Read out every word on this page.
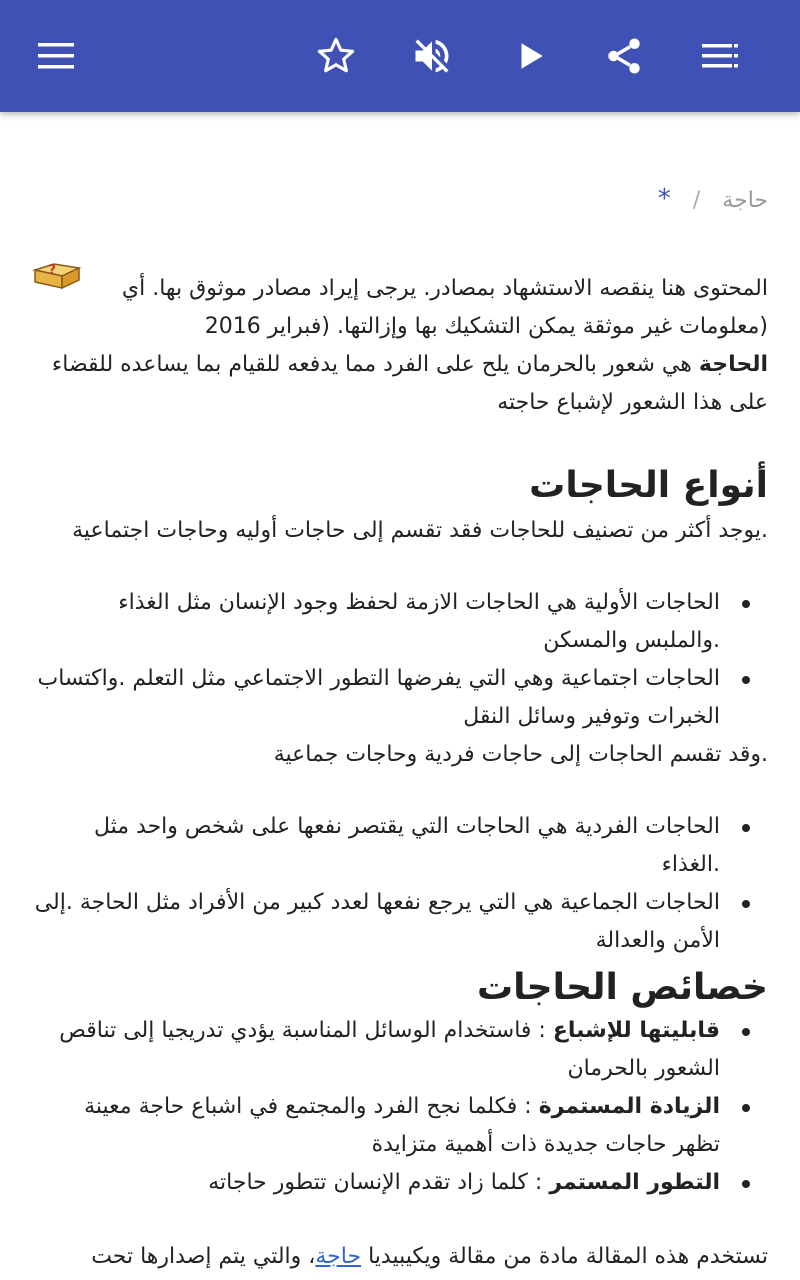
حاجة/*
?

المحتوى هنا ينقصه الاستشهاد بمصادر. يرجى إيراد مصادر موثوق بها. أي

(معلومات غير موثقة يمكن التشكيك بها وإزالتها. (فبراير 2016

الحاجة هي شعور بالحرمان يلح على الفرد مما يدفعه للقيام بما يساعده للقضاء على هذا الشعور لإشباع حاجته

أنواع الحاجات

.يوجد أكثر من تصنيف للحاجات فقد تقسم إلى حاجات أوليه وحاجات اجتماعية

الحاجات الأولية هي الحاجات الازمة لحفظ وجود الإنسان مثل الغذاء .والملبس والمسكن
الحاجات اجتماعية وهي التي يفرضها التطور الاجتماعي مثل التعلم .واكتساب الخبرات وتوفير وسائل النقل

.وقد تقسم الحاجات إلى حاجات فردية وحاجات جماعية

الحاجات الفردية هي الحاجات التي يقتصر نفعها على شخص واحد مثل .الغذاء
الحاجات الجماعية هي التي يرجع نفعها لعدد كبير من الأفراد مثل الحاجة .إلى الأمن والعدالة
خصائص الحاجات
قابليتها للإشباع : فاستخدام الوسائل المناسبة يؤدي تدريجيا إلى تناقص الشعور بالحرمان
الزيادة المستمرة : فكلما نجح الفرد والمجتمع في اشباع حاجة معينة تظهر حاجات جديدة ذات أهمية متزايدة
التطور المستمر : كلما زاد تقدم الإنسان تتطور حاجاته

تستخدم هذه المقالة مادة من مقالة ويكيبيديا حاجة، والتي يتم إصدارها تحت
